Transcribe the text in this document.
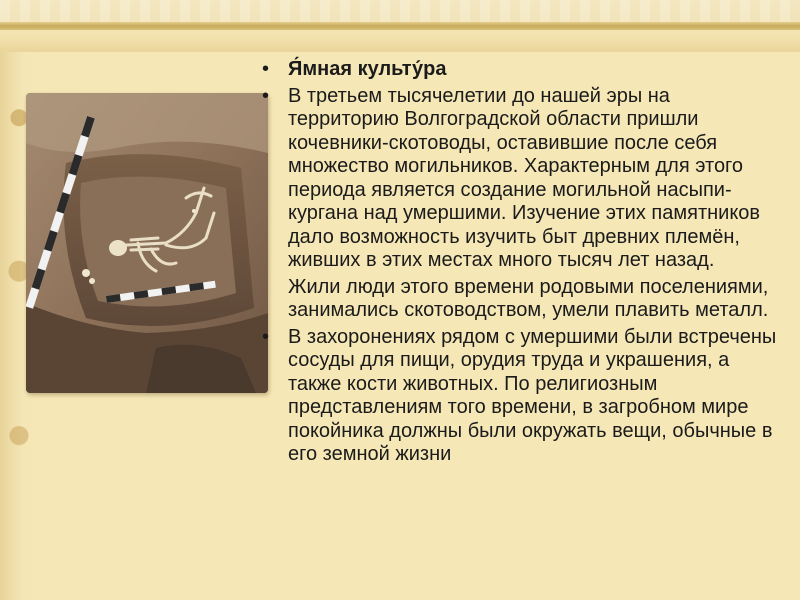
• Я́мная культу́ра
• В третьем тысячелетии до нашей эры на территорию Волгоградской области пришли кочевники-скотоводы, оставившие после себя множество могильников. Характерным для этого периода является создание могильной насыпи-кургана над умершими. Изучение этих памятников дало возможность изучить быт древних племён, живших в этих местах много тысяч лет назад.
Жили люди этого времени родовыми поселениями, занимались скотоводством, умели плавить металл.
• В захоронениях рядом с умершими были встречены сосуды для пищи, орудия труда и украшения, а также кости животных. По религиозным представлениям того времени, в загробном мире покойника должны были окружать вещи, обычные в его земной жизни
